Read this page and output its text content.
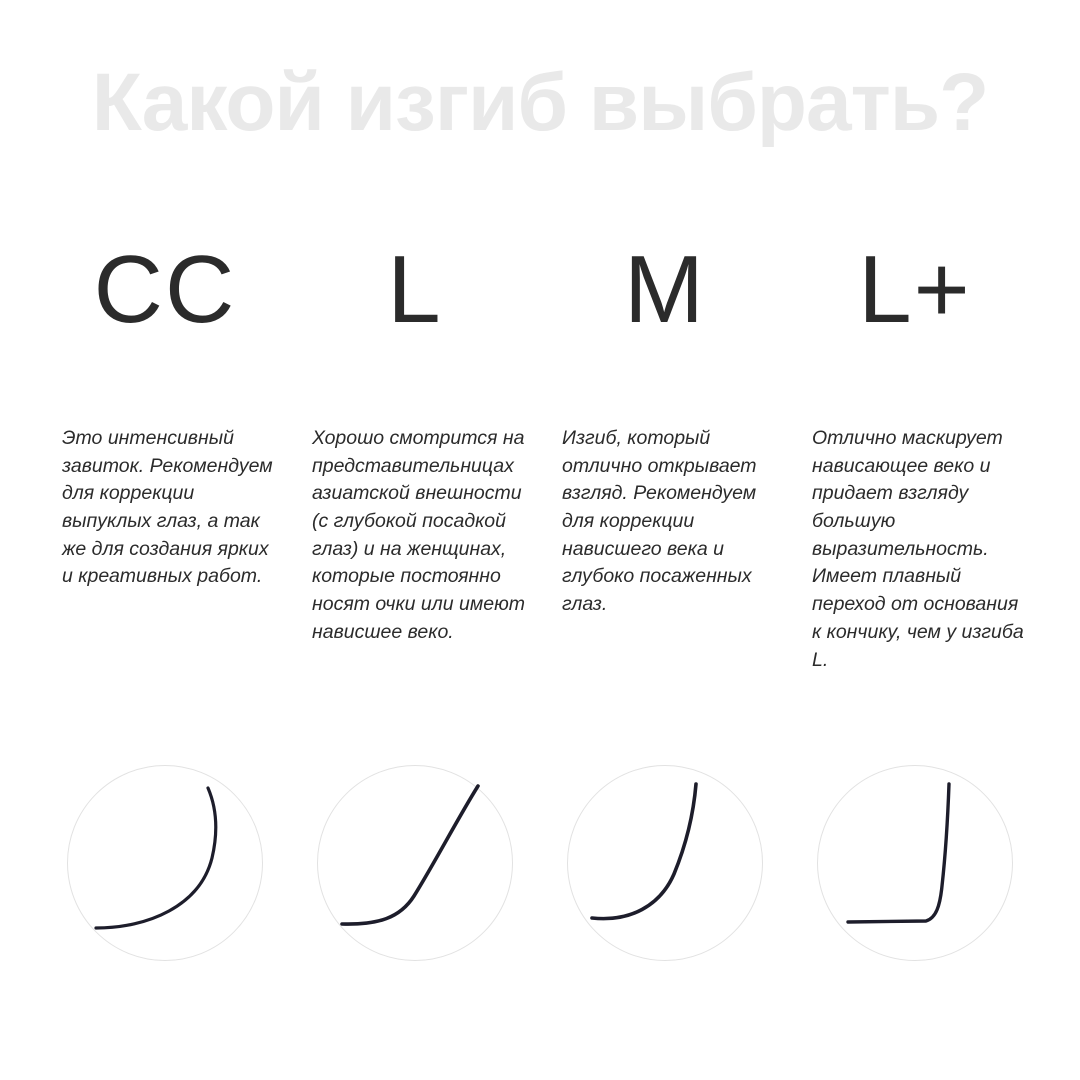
Какой изгиб выбрать?
CC
Это интенсивный завиток. Рекомендуем для коррекции выпуклых глаз, а так же для создания ярких и креативных работ.
L
Хорошо смотрится на представительницах азиатской внешности (с глубокой посадкой глаз) и на женщинах, которые постоянно носят очки или имеют нависшее веко.
M
Изгиб, который отлично открывает взгляд. Рекомендуем для коррекции нависшего века и глубоко посаженных глаз.
L+
Отлично маскирует нависающее веко и придает взгляду большую выразительность. Имеет плавный переход от основания к кончику, чем у изгиба L.
